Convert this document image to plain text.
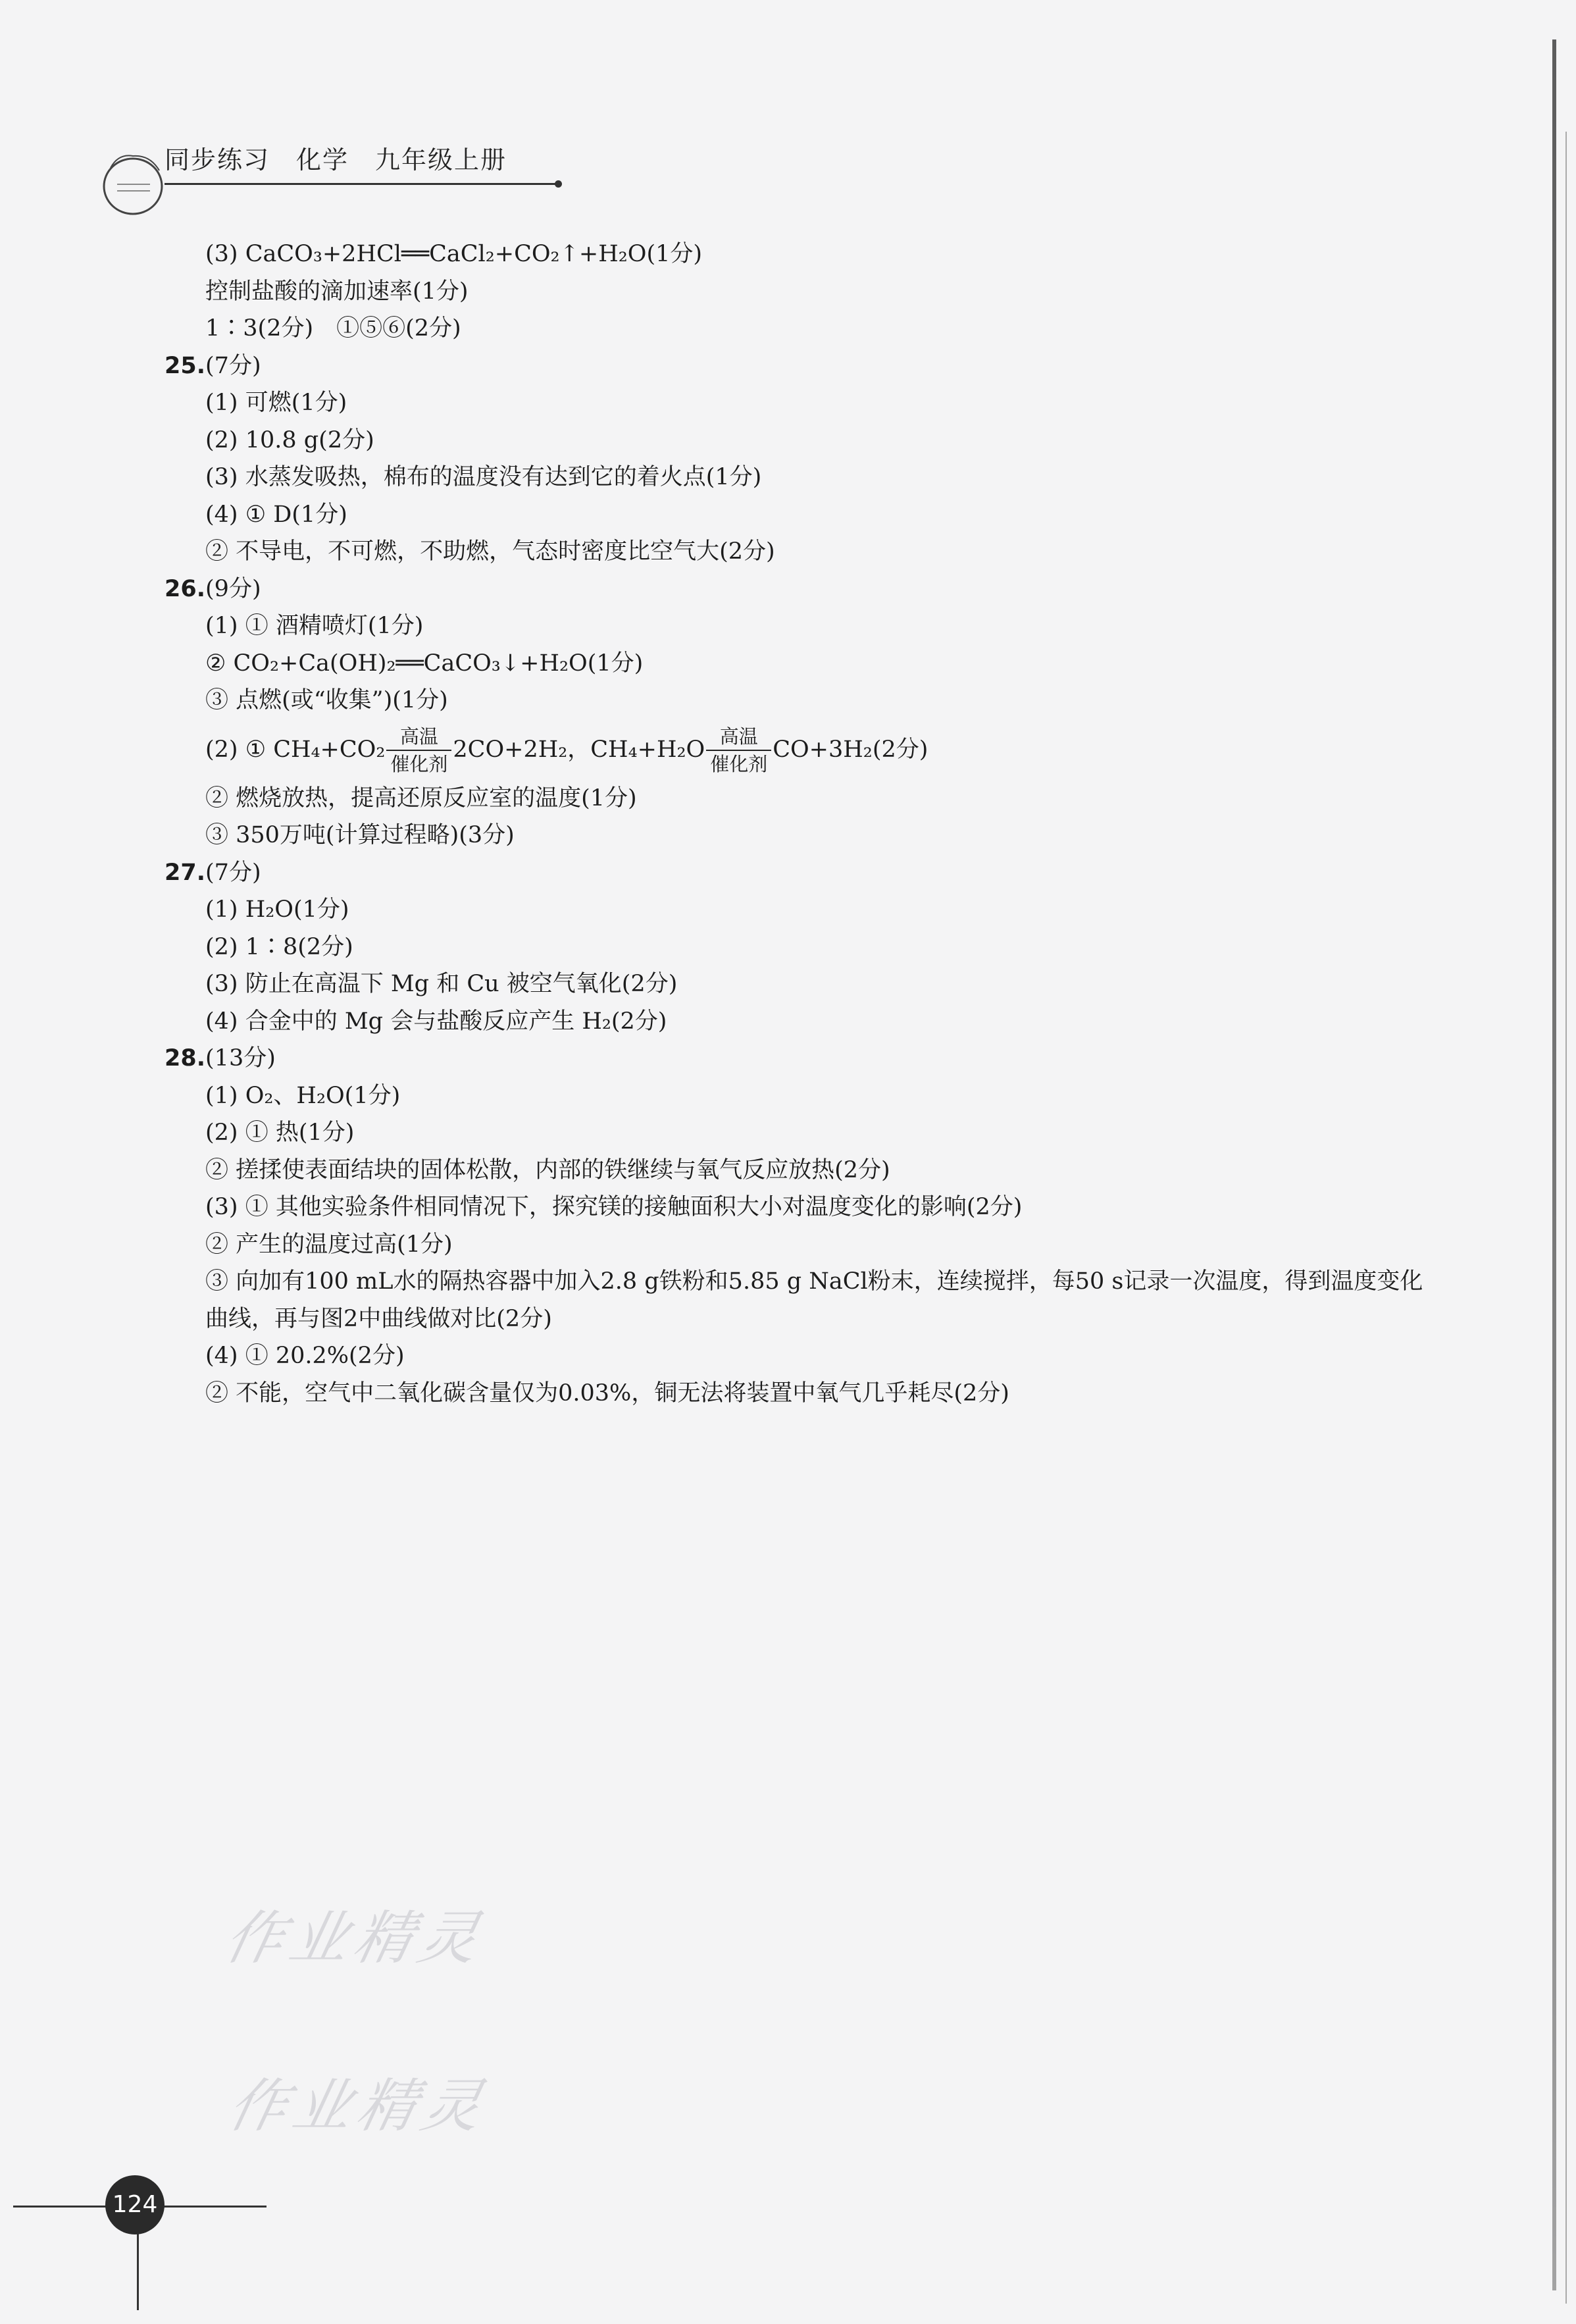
同步练习 化学 九年级上册
(3) CaCO₃+2HCl══CaCl₂+CO₂↑+H₂O(1分)
控制盐酸的滴加速率(1分)
1∶3(2分)　①⑤⑥(2分)
25.(7分)
(1) 可燃(1分)
(2) 10.8 g(2分)
(3) 水蒸发吸热，棉布的温度没有达到它的着火点(1分)
(4) ① D(1分)
② 不导电，不可燃，不助燃，气态时密度比空气大(2分)
26.(9分)
(1) ① 酒精喷灯(1分)
② CO₂+Ca(OH)₂══CaCO₃↓+H₂O(1分)
③ 点燃(或“收集”)(1分)
(2) ① $CH_4+CO_2 \frac{\text{高温}}{\text{催化剂}} 2CO+2H_2$，$CH_4+H_2O \frac{\text{高温}}{\text{催化剂}} CO+3H_2(2$分)
② 燃烧放热，提高还原反应室的温度(1分)
③ 350万吨(计算过程略)(3分)
27.(7分)
(1) H₂O(1分)
(2) 1∶8(2分)
(3) 防止在高温下 Mg 和 Cu 被空气氧化(2分)
(4) 合金中的 Mg 会与盐酸反应产生 H₂(2分)
28.(13分)
(1) O₂、H₂O(1分)
(2) ① 热(1分)
② 搓揉使表面结块的固体松散，内部的铁继续与氧气反应放热(2分)
(3) ① 其他实验条件相同情况下，探究镁的接触面积大小对温度变化的影响(2分)
② 产生的温度过高(1分)
③ 向加有100 mL水的隔热容器中加入2.8 g铁粉和5.85 g NaCl粉末，连续搅拌，每50 s记录一次温度，得到温度变化
曲线，再与图2中曲线做对比(2分)
(4) ① 20.2%(2分)
② 不能，空气中二氧化碳含量仅为0.03%，铜无法将装置中氧气几乎耗尽(2分)
作业精灵
作业精灵
124
